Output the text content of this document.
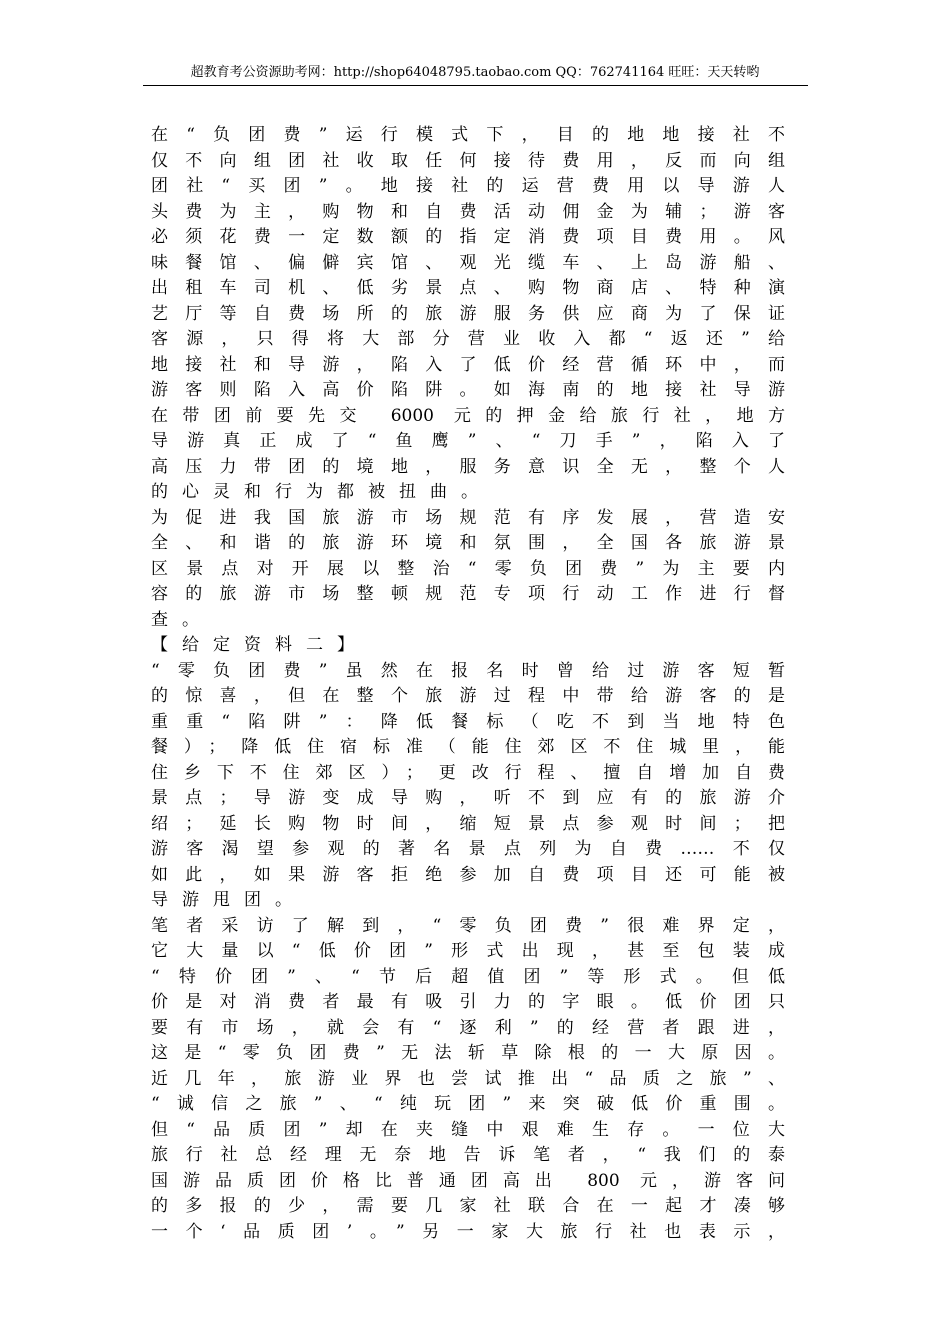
超教育考公资源助考网：http://shop64048795.taobao.com QQ：762741164 旺旺：天天转哟
在“负团费”运行模式下，目的地地接社不
仅不向组团社收取任何接待费用，反而向组
团社“买团”。地接社的运营费用以导游人
头费为主，购物和自费活动佣金为辅；游客
必须花费一定数额的指定消费项目费用。风
味餐馆、偏僻宾馆、观光缆车、上岛游船、
出租车司机、低劣景点、购物商店、特种演
艺厅等自费场所的旅游服务供应商为了保证
客源，只得将大部分营业收入都“返还”给
地接社和导游，陷入了低价经营循环中，而
游客则陷入高价陷阱。如海南的地接社导游
在带团前要先交 6000 元的押金给旅行社，地方
导游真正成了“鱼鹰”、“刀手”，陷入了
高压力带团的境地，服务意识全无，整个人
的心灵和行为都被扭曲。
为促进我国旅游市场规范有序发展，营造安
全、和谐的旅游环境和氛围，全国各旅游景
区景点对开展以整治“零负团费”为主要内
容的旅游市场整顿规范专项行动工作进行督
查。
【给定资料二】
“零负团费”虽然在报名时曾给过游客短暂
的惊喜，但在整个旅游过程中带给游客的是
重重“陷阱”：降低餐标（吃不到当地特色
餐）；降低住宿标准（能住郊区不住城里，能
住乡下不住郊区）；更改行程、擅自增加自费
景点；导游变成导购，听不到应有的旅游介
绍；延长购物时间，缩短景点参观时间；把
游客渴望参观的著名景点列为自费……不仅
如此，如果游客拒绝参加自费项目还可能被
导游甩团。
笔者采访了解到，“零负团费”很难界定，
它大量以“低价团”形式出现，甚至包装成
“特价团”、“节后超值团”等形式。但低
价是对消费者最有吸引力的字眼。低价团只
要有市场，就会有“逐利”的经营者跟进，
这是“零负团费”无法斩草除根的一大原因。
近几年，旅游业界也尝试推出“品质之旅”、
“诚信之旅”、“纯玩团”来突破低价重围。
但“品质团”却在夹缝中艰难生存。一位大
旅行社总经理无奈地告诉笔者，“我们的泰
国游品质团价格比普通团高出 800 元，游客问
的多报的少，需要几家社联合在一起才凑够
一个‘品质团’。”另一家大旅行社也表示，
